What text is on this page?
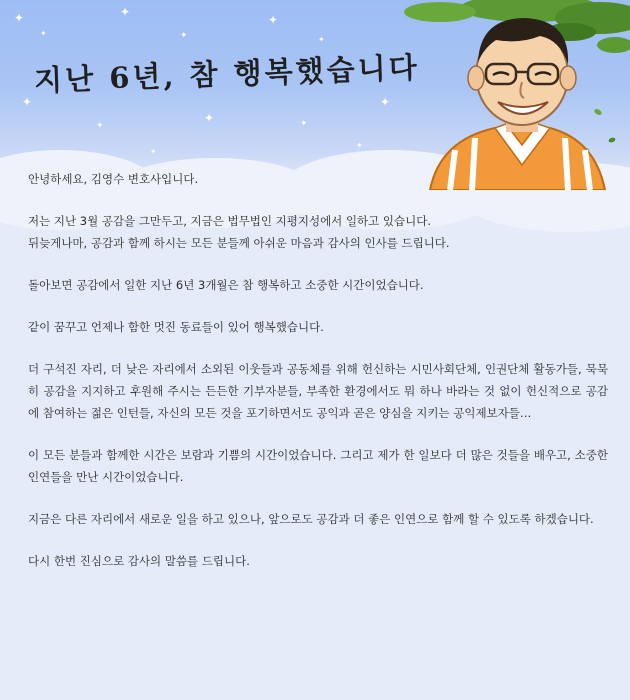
✦
✦
✦
✦
✦
✦
✦
✦
✦	✦
✦
✦
✦
지난 6년, 참 행복했습니다

안녕하세요, 김영수 변호사입니다.

저는 지난 3월 공감을 그만두고, 지금은 법무법인 지평지성에서 일하고 있습니다.
뒤늦게나마, 공감과 함께 하시는 모든 분들께 아쉬운 마음과 감사의 인사를 드립니다.

돌아보면 공감에서 일한 지난 6년 3개월은 참 행복하고 소중한 시간이었습니다.

같이 꿈꾸고 언제나 함한 멋진 동료들이 있어 행복했습니다.

더 구석진 자리, 더 낮은 자리에서 소외된 이웃들과 공동체를 위해 헌신하는 시민사회단체, 인권단체 활동가들, 묵묵히 공감을 지지하고 후원해 주시는 든든한 기부자분들, 부족한 환경에서도 뭐 하나 바라는 것 없이 헌신적으로 공감에 참여하는 젊은 인턴들, 자신의 모든 것을 포기하면서도 공익과 곧은 양심을 지키는 공익제보자들…

이 모든 분들과 함께한 시간은 보람과 기쁨의 시간이었습니다. 그리고 제가 한 일보다 더 많은 것들을 배우고, 소중한 인연들을 만난 시간이었습니다.

지금은 다른 자리에서 새로운 일을 하고 있으나, 앞으로도 공감과 더 좋은 인연으로 함께 할 수 있도록 하겠습니다.

다시 한번 진심으로 감사의 말씀를 드립니다.
